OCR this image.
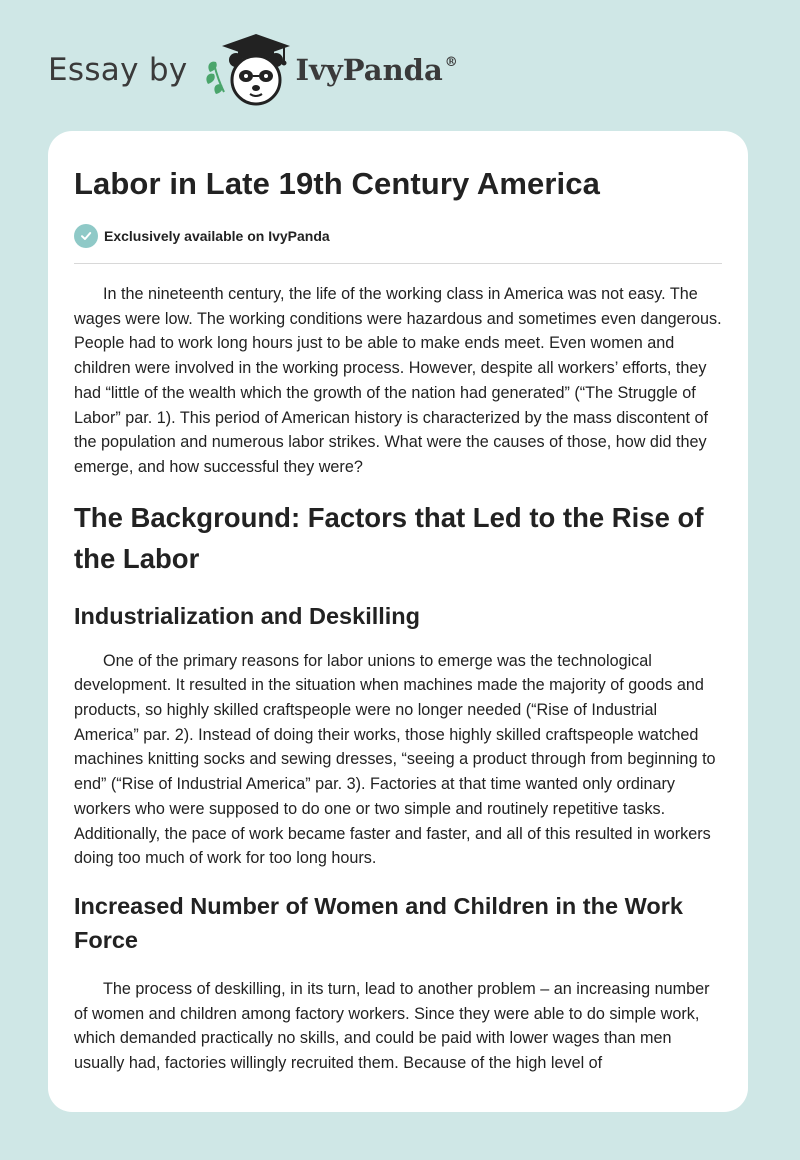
Essay by	IvyPanda®
Labor in Late 19th Century America
Exclusively available on IvyPanda

In the nineteenth century, the life of the working class in America was not easy. The wages were low. The working conditions were hazardous and sometimes even dangerous. People had to work long hours just to be able to make ends meet. Even women and children were involved in the working process. However, despite all workers’ efforts, they had “little of the wealth which the growth of the nation had generated” (“The Struggle of Labor” par. 1). This period of American history is characterized by the mass discontent of the population and numerous labor strikes. What were the causes of those, how did they emerge, and how successful they were?

The Background: Factors that Led to the Rise of the Labor
Industrialization and Deskilling

One of the primary reasons for labor unions to emerge was the technological development. It resulted in the situation when machines made the majority of goods and products, so highly skilled craftspeople were no longer needed (“Rise of Industrial America” par. 2). Instead of doing their works, those highly skilled craftspeople watched machines knitting socks and sewing dresses, “seeing a product through from beginning to end” (“Rise of Industrial America” par. 3). Factories at that time wanted only ordinary workers who were supposed to do one or two simple and routinely repetitive tasks. Additionally, the pace of work became faster and faster, and all of this resulted in workers doing too much of work for too long hours.

Increased Number of Women and Children in the Work Force

The process of deskilling, in its turn, lead to another problem – an increasing number of women and children among factory workers. Since they were able to do simple work, which demanded practically no skills, and could be paid with lower wages than men usually had, factories willingly recruited them. Because of the high level of
